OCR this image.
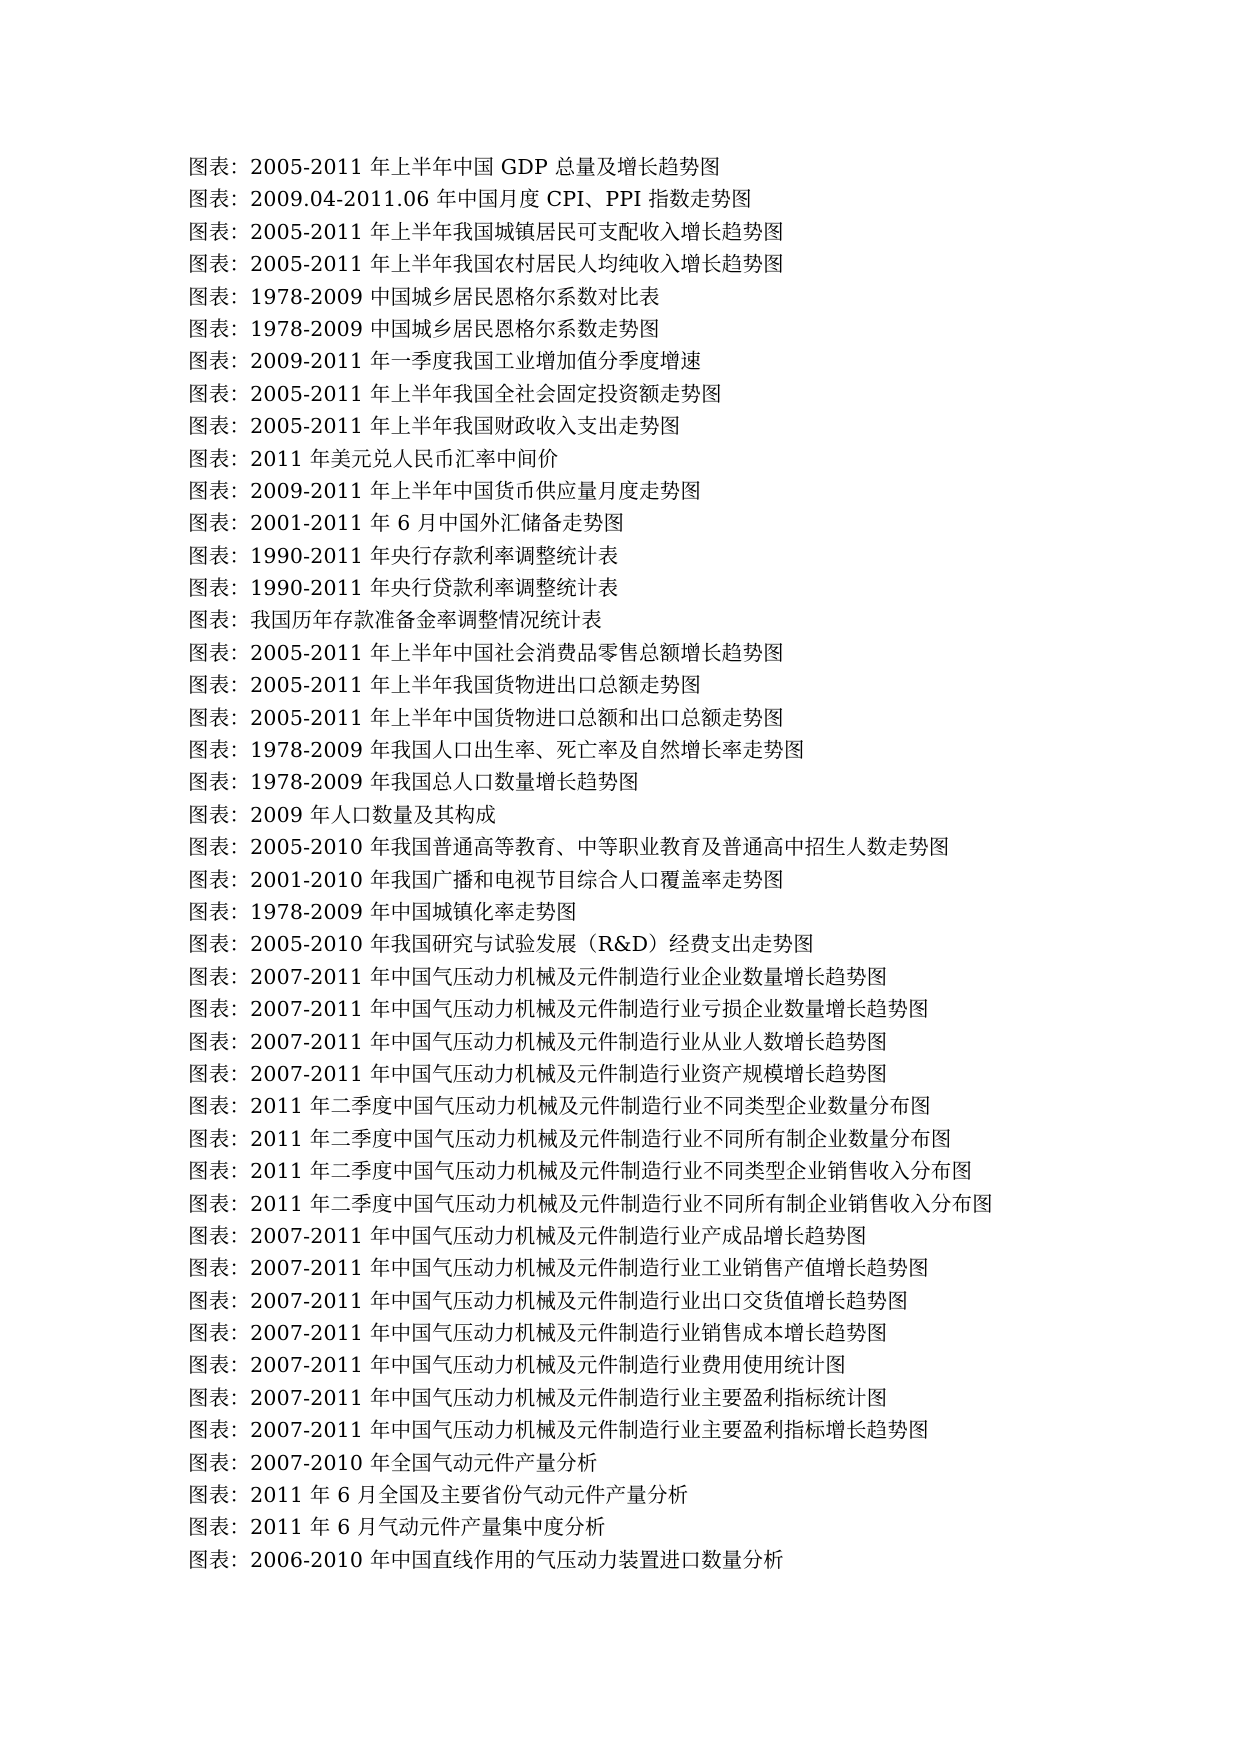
图表：2005-2011 年上半年中国 GDP 总量及增长趋势图
图表：2009.04-2011.06 年中国月度 CPI、PPI 指数走势图
图表：2005-2011 年上半年我国城镇居民可支配收入增长趋势图
图表：2005-2011 年上半年我国农村居民人均纯收入增长趋势图
图表：1978-2009 中国城乡居民恩格尔系数对比表
图表：1978-2009 中国城乡居民恩格尔系数走势图
图表：2009-2011 年一季度我国工业增加值分季度增速
图表：2005-2011 年上半年我国全社会固定投资额走势图
图表：2005-2011 年上半年我国财政收入支出走势图
图表：2011 年美元兑人民币汇率中间价
图表：2009-2011 年上半年中国货币供应量月度走势图
图表：2001-2011 年 6 月中国外汇储备走势图
图表：1990-2011 年央行存款利率调整统计表
图表：1990-2011 年央行贷款利率调整统计表
图表：我国历年存款准备金率调整情况统计表
图表：2005-2011 年上半年中国社会消费品零售总额增长趋势图
图表：2005-2011 年上半年我国货物进出口总额走势图
图表：2005-2011 年上半年中国货物进口总额和出口总额走势图
图表：1978-2009 年我国人口出生率、死亡率及自然增长率走势图
图表：1978-2009 年我国总人口数量增长趋势图
图表：2009 年人口数量及其构成
图表：2005-2010 年我国普通高等教育、中等职业教育及普通高中招生人数走势图
图表：2001-2010 年我国广播和电视节目综合人口覆盖率走势图
图表：1978-2009 年中国城镇化率走势图
图表：2005-2010 年我国研究与试验发展（R&D）经费支出走势图
图表：2007-2011 年中国气压动力机械及元件制造行业企业数量增长趋势图
图表：2007-2011 年中国气压动力机械及元件制造行业亏损企业数量增长趋势图
图表：2007-2011 年中国气压动力机械及元件制造行业从业人数增长趋势图
图表：2007-2011 年中国气压动力机械及元件制造行业资产规模增长趋势图
图表：2011 年二季度中国气压动力机械及元件制造行业不同类型企业数量分布图
图表：2011 年二季度中国气压动力机械及元件制造行业不同所有制企业数量分布图
图表：2011 年二季度中国气压动力机械及元件制造行业不同类型企业销售收入分布图
图表：2011 年二季度中国气压动力机械及元件制造行业不同所有制企业销售收入分布图
图表：2007-2011 年中国气压动力机械及元件制造行业产成品增长趋势图
图表：2007-2011 年中国气压动力机械及元件制造行业工业销售产值增长趋势图
图表：2007-2011 年中国气压动力机械及元件制造行业出口交货值增长趋势图
图表：2007-2011 年中国气压动力机械及元件制造行业销售成本增长趋势图
图表：2007-2011 年中国气压动力机械及元件制造行业费用使用统计图
图表：2007-2011 年中国气压动力机械及元件制造行业主要盈利指标统计图
图表：2007-2011 年中国气压动力机械及元件制造行业主要盈利指标增长趋势图
图表：2007-2010 年全国气动元件产量分析
图表：2011 年 6 月全国及主要省份气动元件产量分析
图表：2011 年 6 月气动元件产量集中度分析
图表：2006-2010 年中国直线作用的气压动力装置进口数量分析
